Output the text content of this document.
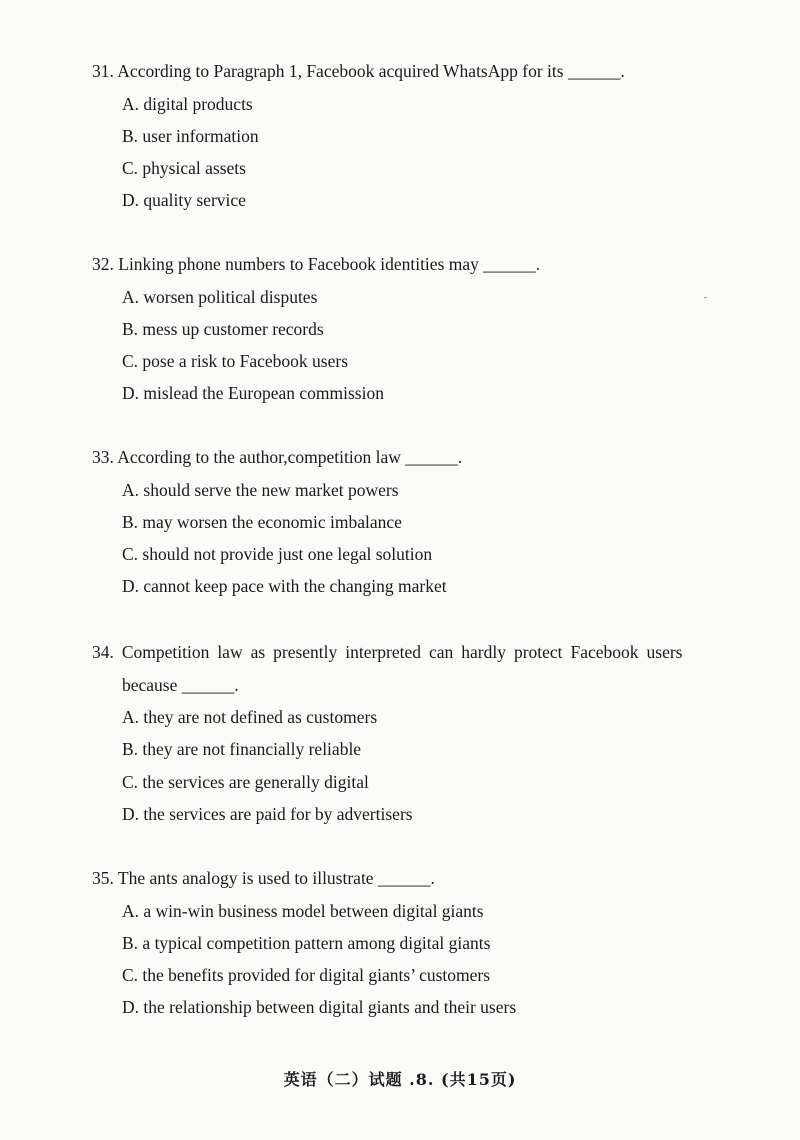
31. According to Paragraph 1, Facebook acquired WhatsApp for its ______.

A. digital products
B. user information
C. physical assets
D. quality service

32. Linking phone numbers to Facebook identities may ______.

A. worsen political disputes
B. mess up customer records
C. pose a risk to Facebook users
D. mislead the European commission

33. According to the author,competition law ______.

A. should serve the new market powers
B. may worsen the economic imbalance
C. should not provide just one legal solution
D. cannot keep pace with the changing market

34. Competition law as presently interpreted can hardly protect Facebook users

because ______.
A. they are not defined as customers
B. they are not financially reliable
C. the services are generally digital
D. the services are paid for by advertisers

35. The ants analogy is used to illustrate ______.

A. a win-win business model between digital giants
B. a typical competition pattern among digital giants
C. the benefits provided for digital giants’ customers
D. the relationship between digital giants and their users
英语（二）试题 .8. (共15页)
